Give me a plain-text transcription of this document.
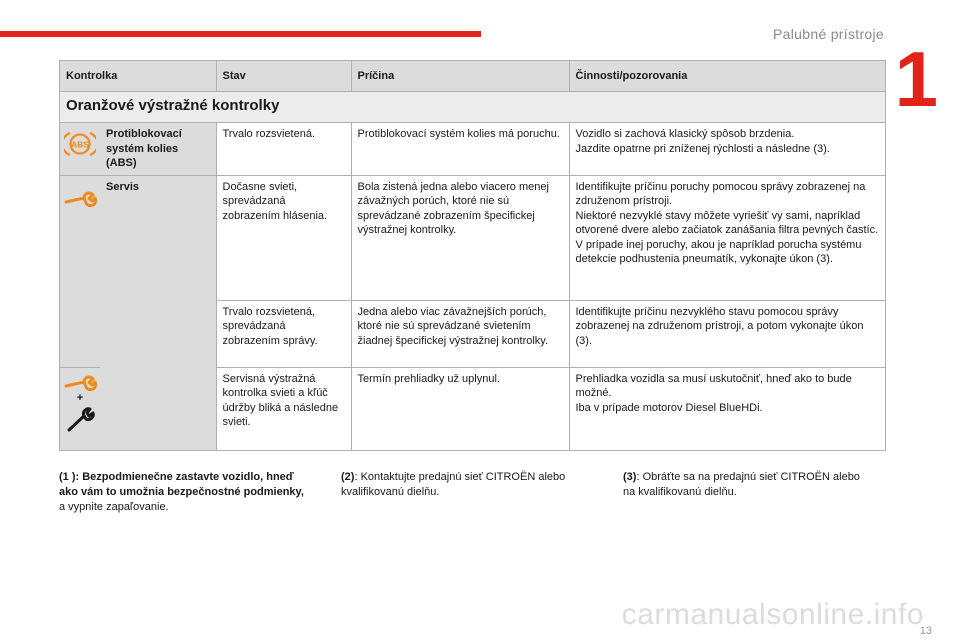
Palubné prístroje
1
Kontrolka		Stav	Príčina	Činnosti/pozorovania
Oranžové výstražné kontrolky				

ABS	Protiblokovací systém kolies (ABS)	Trvalo rozsvietená.	Protiblokovací systém kolies má poruchu.	Vozidlo si zachová klasický spôsob brzdenia.
Jazdite opatrne pri zníženej rýchlosti a následne (3).

	Servis	Dočasne svieti, sprevádzaná zobrazením hlásenia.	Bola zistená jedna alebo viacero menej závažných porúch, ktoré nie sú sprevádzané zobrazením špecifickej výstražnej kontrolky.	Identifikujte príčinu poruchy pomocou správy zobrazenej na združenom prístroji.
Niektoré nezvyklé stavy môžete vyriešiť vy sami, napríklad otvorené dvere alebo začiatok zanášania filtra pevných častíc.
V prípade inej poruchy, akou je napríklad porucha systému detekcie podhustenia pneumatík, vykonajte úkon (3).
		Trvalo rozsvietená, sprevádzaná zobrazením správy.	Jedna alebo viac závažnejších porúch, ktoré nie sú sprevádzané svietením žiadnej špecifickej výstražnej kontrolky.	Identifikujte príčinu nezvyklého stavu pomocou správy zobrazenej na združenom prístroji, a potom vykonajte úkon (3).

+		Servisná výstražná kontrolka svieti a kľúč údržby bliká a následne svieti.	Termín prehliadky už uplynul.	Prehliadka vozidla sa musí uskutočniť, hneď ako to bude možné.
Iba v prípade motorov Diesel BlueHDi.
(1 ): Bezpodmienečne zastavte vozidlo, hneď ako vám to umožnia bezpečnostné podmienky, a vypnite zapaľovanie.
(2): Kontaktujte predajnú sieť CITROËN alebo kvalifikovanú dielňu.
(3): Obráťte sa na predajnú sieť CITROËN alebo na kvalifikovanú dielňu.
carmanualsonline.info
13
